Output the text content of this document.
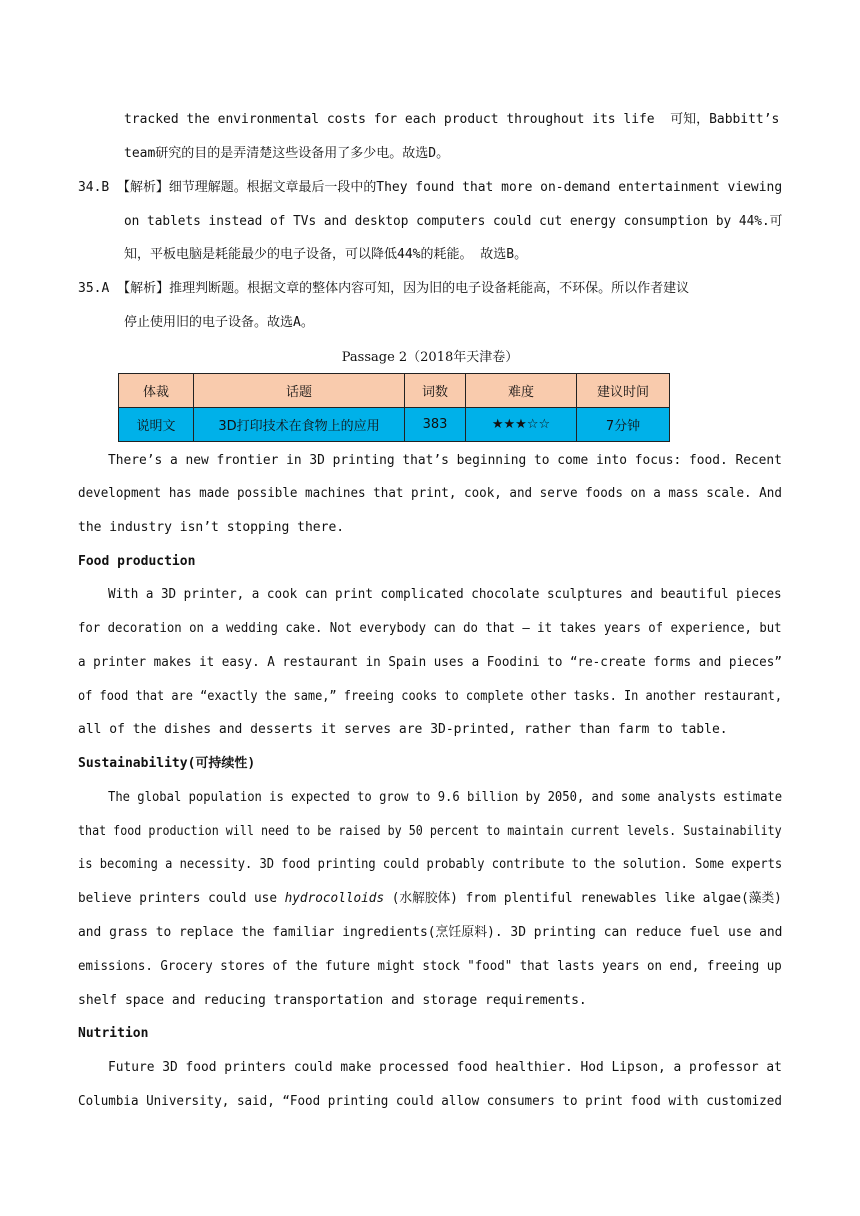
tracked the environmental costs for each product throughout its life  可知，Babbitt’s
team研究的目的是弄清楚这些设备用了多少电。故选D。
34.B 【解析】细节理解题。根据文章最后一段中的They found that more on-demand entertainment viewing
on tablets instead of TVs and desktop computers could cut energy consumption by 44%.可
知，平板电脑是耗能最少的电子设备，可以降低44%的耗能。 故选B。
35.A 【解析】推理判断题。根据文章的整体内容可知，因为旧的电子设备耗能高，不环保。所以作者建议
停止使用旧的电子设备。故选A。
Passage 2（2018年天津卷）
体裁	话题	词数	难度	建议时间
说明文	3D打印技术在食物上的应用	383	★★★☆☆	7分钟
There’s a new frontier in 3D printing that’s beginning to come into focus: food. Recent
development has made possible machines that print, cook, and serve foods on a mass scale. And
the industry isn’t stopping there.
Food production
With a 3D printer, a cook can print complicated chocolate sculptures and beautiful pieces
for decoration on a wedding cake. Not everybody can do that — it takes years of experience, but
a printer makes it easy. A restaurant in Spain uses a Foodini to “re-create forms and pieces”
of food that are “exactly the same,” freeing cooks to complete other tasks. In another restaurant,
all of the dishes and desserts it serves are 3D-printed, rather than farm to table.
Sustainability(可持续性)
The global population is expected to grow to 9.6 billion by 2050, and some analysts estimate
that food production will need to be raised by 50 percent to maintain current levels. Sustainability
is becoming a necessity. 3D food printing could probably contribute to the solution. Some experts
believe printers could use hydrocolloids (水解胶体) from plentiful renewables like algae(藻类)
and grass to replace the familiar ingredients(烹饪原料). 3D printing can reduce fuel use and
emissions. Grocery stores of the future might stock "food" that lasts years on end, freeing up
shelf space and reducing transportation and storage requirements.
Nutrition
Future 3D food printers could make processed food healthier. Hod Lipson, a professor at
Columbia University, said, “Food printing could allow consumers to print food with customized
